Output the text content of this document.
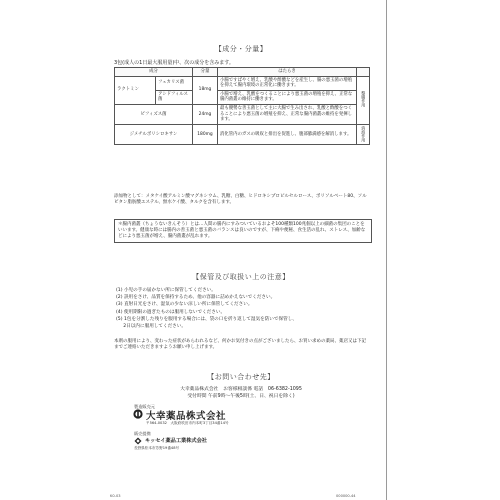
【成分・分量】
3包(成人の1日最大服用量)中、次の成分を含みます。
成分		分量	はたらき	
ラクトミン	フェカリス菌	18mg	小腸ですばやく増え、乳酸や酢酸などを産生し、腸の悪玉菌の増殖を抑えて腸内環境の正常化に働きます。	整腸作用
	アシドフィルス菌		小腸で増え、乳酸をつくることにより悪玉菌の増殖を抑え、正常な腸内菌叢の維持に働きます。	
ビフィズス菌		24mg	最も優勢な善玉菌として主に大腸で生み出され、乳酸と酢酸をつくることにより悪玉菌の増殖を抑え、正常な腸内菌叢の維持を発揮します。	
ジメチルポリシロキサン		180mg	消化管内のガスの吸収と排出を促進し、腹部膨満感を解消します。	消泡作用
添加物として：メタケイ酸アルミン酸マグネシウム、乳糖、白糖、ヒドロキシプロピルセルロース、ポリソルベート80、ソルビタン脂肪酸エステル、無水ケイ酸、タルクを含有します。
＊腸内菌叢（ちょうないきんそう）とは…人間の腸内にすみついているおよそ100種類100兆個以上の細菌の集団のことをいいます。健康な時には腸内の善玉菌と悪玉菌のバランスは良いのですが、下痢や便秘、食生活の乱れ、ストレス、加齢などにより悪玉菌が増え、腸内菌叢が乱れます。
【保管及び取扱い上の注意】
(1) 小児の手の届かない所に保管してください。
(2) 誤用をさけ、品質を保持するため、他の容器に詰めかえないでください。
(3) 直射日光をさけ、湿気の少ない涼しい所に保管してください。
(4) 使用期限の過ぎたものは服用しないでください。
(5) 1包を分割した残りを服用する場合には、袋の口を折り返して湿気を防いで保管し、
2日以内に服用してください。
本剤の服用により、変わった症状があらわれるなど、何かお気付きの点がございましたら、お買い求めの薬局、薬店又は下記までご連絡いただきますようお願い申し上げます。
【お問い合わせ先】
大幸薬品株式会社　お客様相談係 電話　06-6382-1095
受付時間 午前9時〜午後5時(土、日、祝日を除く)
製造販売元
大幸薬品株式会社
〒564-0032　大阪府吹田市内本町3丁目34番14号
販売提携
キッセイ薬品工業株式会社
長野県松本市芳野19番48号
K0-03	000000-44
